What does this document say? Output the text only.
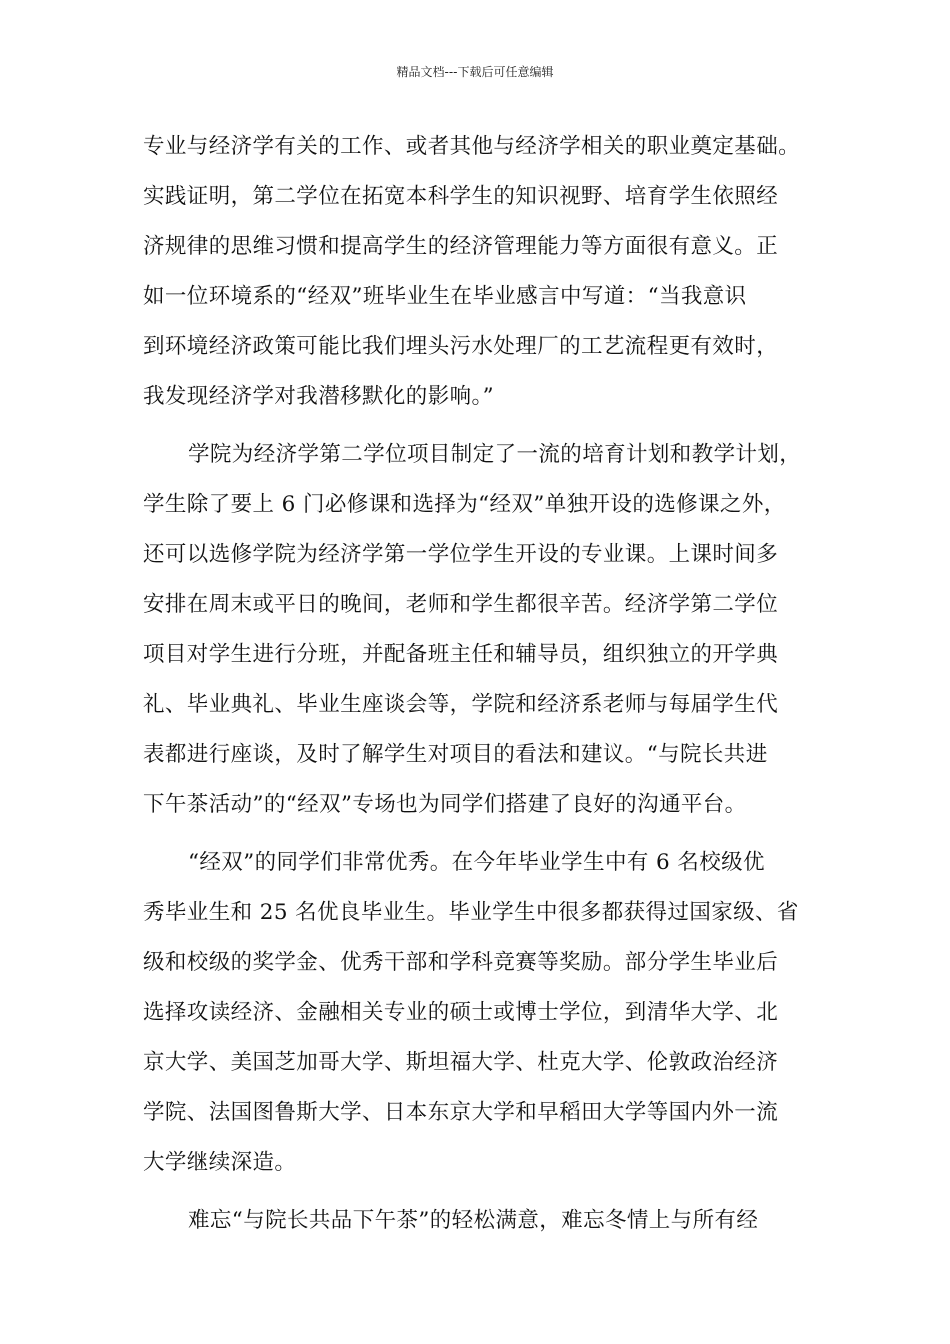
精品文档---下载后可任意编辑
专业与经济学有关的工作、或者其他与经济学相关的职业奠定基础。
实践证明，第二学位在拓宽本科学生的知识视野、培育学生依照经
济规律的思维习惯和提高学生的经济管理能力等方面很有意义。正
如一位环境系的“经双”班毕业生在毕业感言中写道：“当我意识
到环境经济政策可能比我们埋头污水处理厂的工艺流程更有效时，
我发现经济学对我潜移默化的影响。”
学院为经济学第二学位项目制定了一流的培育计划和教学计划，
学生除了要上 6 门必修课和选择为“经双”单独开设的选修课之外，
还可以选修学院为经济学第一学位学生开设的专业课。上课时间多
安排在周末或平日的晚间，老师和学生都很辛苦。经济学第二学位
项目对学生进行分班，并配备班主任和辅导员，组织独立的开学典
礼、毕业典礼、毕业生座谈会等，学院和经济系老师与每届学生代
表都进行座谈，及时了解学生对项目的看法和建议。“与院长共进
下午茶活动”的“经双”专场也为同学们搭建了良好的沟通平台。
“经双”的同学们非常优秀。在今年毕业学生中有 6 名校级优
秀毕业生和 25 名优良毕业生。毕业学生中很多都获得过国家级、省
级和校级的奖学金、优秀干部和学科竞赛等奖励。部分学生毕业后
选择攻读经济、金融相关专业的硕士或博士学位，到清华大学、北
京大学、美国芝加哥大学、斯坦福大学、杜克大学、伦敦政治经济
学院、法国图鲁斯大学、日本东京大学和早稻田大学等国内外一流
大学继续深造。
难忘“与院长共品下午茶”的轻松满意，难忘冬情上与所有经
